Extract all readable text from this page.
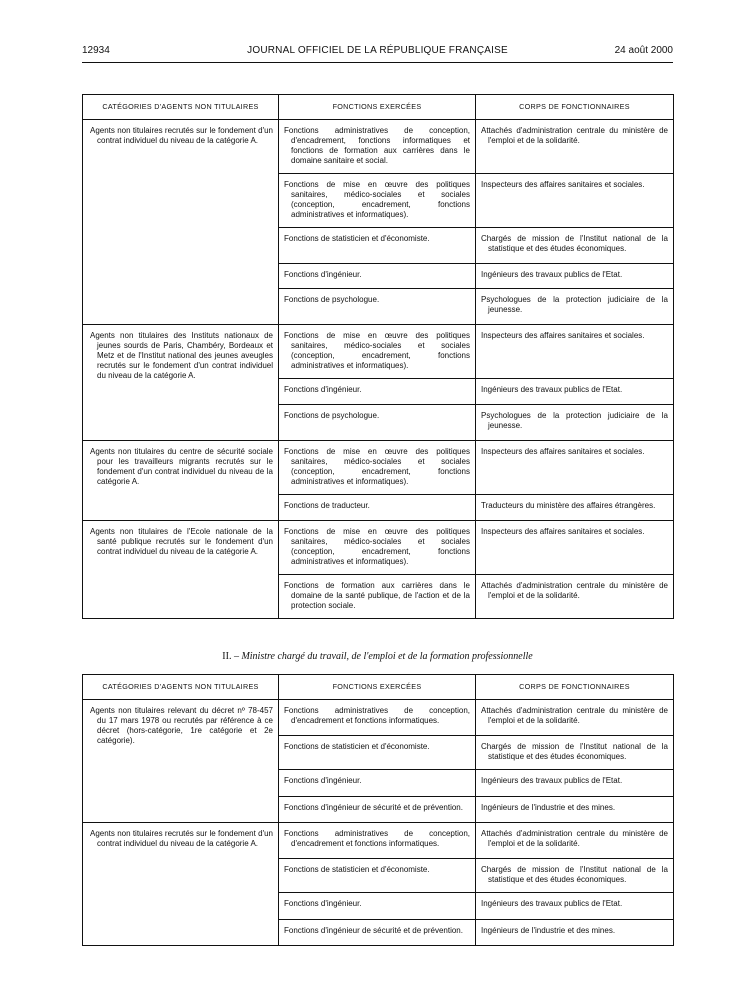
12934	JOURNAL OFFICIEL DE LA RÉPUBLIQUE FRANÇAISE	24 août 2000
CATÉGORIES D'AGENTS NON TITULAIRES	FONCTIONS EXERCÉES	CORPS DE FONCTIONNAIRES

Agents non titulaires recrutés sur le fondement d'un contrat individuel du niveau de la catégorie A.	Fonctions administratives de conception, d'encadrement, fonctions informatiques et fonctions de formation aux carrières dans le domaine sanitaire et social.	Attachés d'administration centrale du ministère de l'emploi et de la solidarité.

	Fonctions de mise en œuvre des politiques sanitaires, médico-sociales et sociales (conception, encadrement, fonctions administratives et informatiques).	Inspecteurs des affaires sanitaires et sociales.

	Fonctions de statisticien et d'économiste.	Chargés de mission de l'Institut national de la statistique et des études économiques.

	Fonctions d'ingénieur.	Ingénieurs des travaux publics de l'Etat.

	Fonctions de psychologue.	Psychologues de la protection judiciaire de la jeunesse.

Agents non titulaires des Instituts nationaux de jeunes sourds de Paris, Chambéry, Bordeaux et Metz et de l'Institut national des jeunes aveugles recrutés sur le fondement d'un contrat individuel du niveau de la catégorie A.	Fonctions de mise en œuvre des politiques sanitaires, médico-sociales et sociales (conception, encadrement, fonctions administratives et informatiques).	Inspecteurs des affaires sanitaires et sociales.

	Fonctions d'ingénieur.	Ingénieurs des travaux publics de l'Etat.

	Fonctions de psychologue.	Psychologues de la protection judiciaire de la jeunesse.

Agents non titulaires du centre de sécurité sociale pour les travailleurs migrants recrutés sur le fondement d'un contrat individuel du niveau de la catégorie A.	Fonctions de mise en œuvre des politiques sanitaires, médico-sociales et sociales (conception, encadrement, fonctions administratives et informatiques).	Inspecteurs des affaires sanitaires et sociales.

	Fonctions de traducteur.	Traducteurs du ministère des affaires étrangères.

Agents non titulaires de l'Ecole nationale de la santé publique recrutés sur le fondement d'un contrat individuel du niveau de la catégorie A.	Fonctions de mise en œuvre des politiques sanitaires, médico-sociales et sociales (conception, encadrement, fonctions administratives et informatiques).	Inspecteurs des affaires sanitaires et sociales.

	Fonctions de formation aux carrières dans le domaine de la santé publique, de l'action et de la protection sociale.	Attachés d'administration centrale du ministère de l'emploi et de la solidarité.
II. – Ministre chargé du travail, de l'emploi et de la formation professionnelle
CATÉGORIES D'AGENTS NON TITULAIRES	FONCTIONS EXERCÉES	CORPS DE FONCTIONNAIRES

Agents non titulaires relevant du décret nº 78-457 du 17 mars 1978 ou recrutés par référence à ce décret (hors-catégorie, 1re catégorie et 2e catégorie).	Fonctions administratives de conception, d'encadrement et fonctions informatiques.	Attachés d'administration centrale du ministère de l'emploi et de la solidarité.

	Fonctions de statisticien et d'économiste.	Chargés de mission de l'Institut national de la statistique et des études économiques.

	Fonctions d'ingénieur.	Ingénieurs des travaux publics de l'Etat.

	Fonctions d'ingénieur de sécurité et de prévention.	Ingénieurs de l'industrie et des mines.

Agents non titulaires recrutés sur le fondement d'un contrat individuel du niveau de la catégorie A.	Fonctions administratives de conception, d'encadrement et fonctions informatiques.	Attachés d'administration centrale du ministère de l'emploi et de la solidarité.

	Fonctions de statisticien et d'économiste.	Chargés de mission de l'Institut national de la statistique et des études économiques.

	Fonctions d'ingénieur.	Ingénieurs des travaux publics de l'Etat.

	Fonctions d'ingénieur de sécurité et de prévention.	Ingénieurs de l'industrie et des mines.
